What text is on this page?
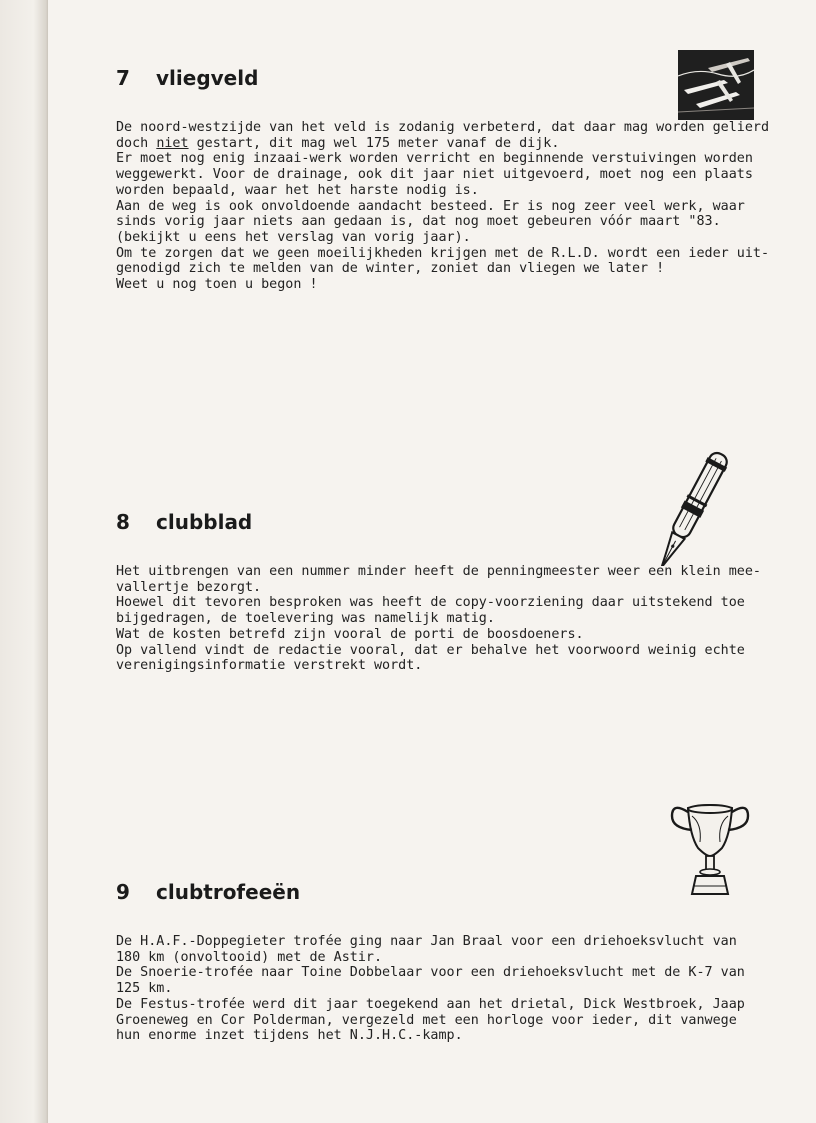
7	vliegveld

De noord-westzijde van het veld is zodanig verbeterd, dat daar mag worden gelierd

doch niet gestart, dit mag wel 175 meter vanaf de dijk.

Er moet nog enig inzaai-werk worden verricht en beginnende verstuivingen worden

weggewerkt. Voor de drainage, ook dit jaar niet uitgevoerd, moet nog een plaats

worden bepaald, waar het het harste nodig is.

Aan de weg is ook onvoldoende aandacht besteed. Er is nog zeer veel werk, waar

sinds vorig jaar niets aan gedaan is, dat nog moet gebeuren vóór maart "83.

(bekijkt u eens het verslag van vorig jaar).

Om te zorgen dat we geen moeilijkheden krijgen met de R.L.D. wordt een ieder uit-

genodigd zich te melden van de winter, zoniet dan vliegen we later !

Weet u nog toen u begon !

8	clubblad

Het uitbrengen van een nummer minder heeft de penningmeester weer een klein mee-

vallertje bezorgt.

Hoewel dit tevoren besproken was heeft de copy-voorziening daar uitstekend toe

bijgedragen, de toelevering was namelijk matig.

Wat de kosten betrefd zijn vooral de porti de boosdoeners.

Op vallend vindt de redactie vooral, dat er behalve het voorwoord weinig echte

verenigingsinformatie verstrekt wordt.

9	clubtrofeeën

De H.A.F.-Doppegieter trofée ging naar Jan Braal voor een driehoeksvlucht van

180 km (onvoltooid) met de Astir.

De Snoerie-trofée naar Toine Dobbelaar voor een driehoeksvlucht met de K-7 van

125 km.

De Festus-trofée werd dit jaar toegekend aan het drietal, Dick Westbroek, Jaap

Groeneweg en Cor Polderman, vergezeld met een horloge voor ieder, dit vanwege

hun enorme inzet tijdens het N.J.H.C.-kamp.
